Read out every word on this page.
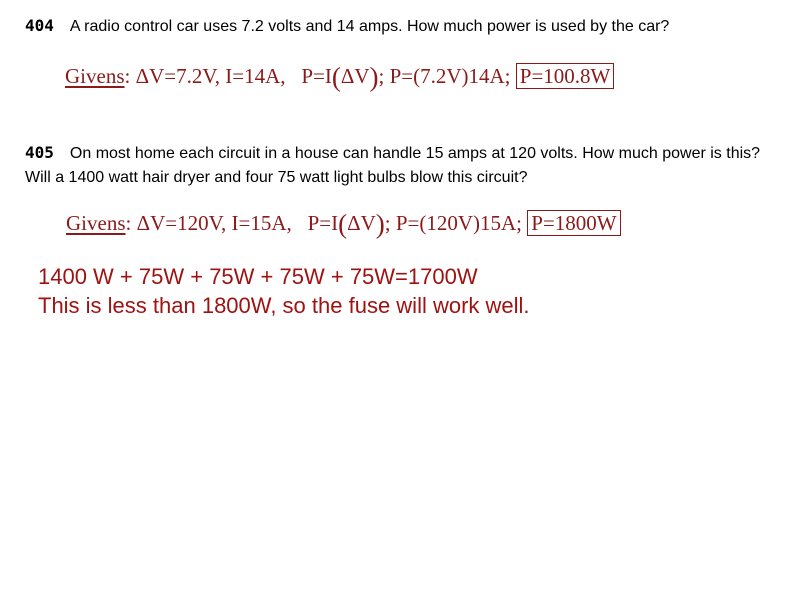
404 A radio control car uses 7.2 volts and 14 amps. How much power is used by the car?
Givens: ΔV=7.2V, I=14A, P=I(ΔV); P=(7.2V)14A; P=100.8W
405 On most home each circuit in a house can handle 15 amps at 120 volts. How much power is this? Will a 1400 watt hair dryer and four 75 watt light bulbs blow this circuit?
Givens: ΔV=120V, I=15A, P=I(ΔV); P=(120V)15A; P=1800W
1400 W + 75W + 75W + 75W + 75W=1700W
This is less than 1800W, so the fuse will work well.
